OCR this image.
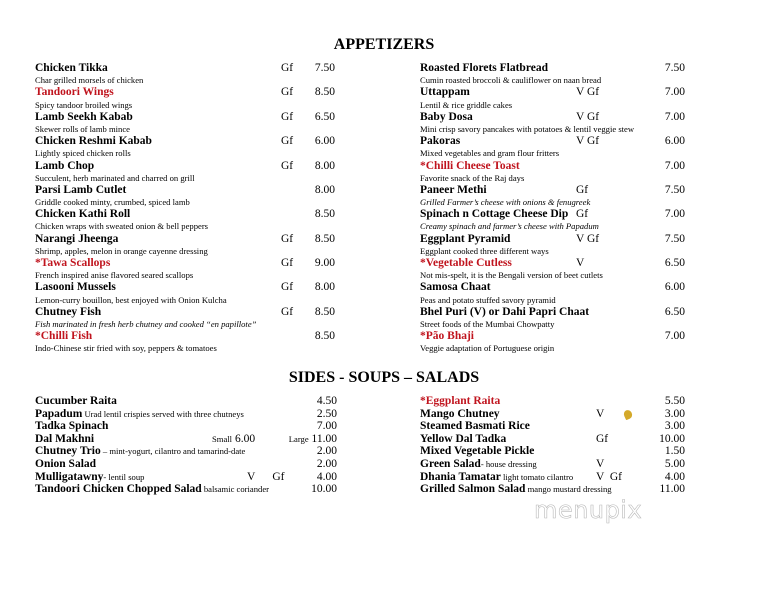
APPETIZERS
Chicken Tikka	Gf 7.50
Char grilled morsels of chicken
Tandoori Wings	Gf 8.50
Spicy tandoor broiled wings
Lamb Seekh Kabab	Gf 6.50
Skewer rolls of lamb mince
Chicken Reshmi Kabab	Gf 6.00
Lightly spiced chicken rolls
Lamb Chop	Gf 8.00
Succulent, herb marinated and charred on grill
Parsi Lamb Cutlet	8.00
Griddle cooked minty, crumbed, spiced lamb
Chicken Kathi Roll	8.50
Chicken wraps with sweated onion & bell peppers
Narangi Jheenga	Gf 8.50
Shrimp, apples, melon in orange cayenne dressing
*Tawa Scallops	Gf 9.00
French inspired anise flavored seared scallops
Lasooni Mussels	Gf 8.00
Lemon-curry bouillon, best enjoyed with Onion Kulcha
Chutney Fish	Gf 8.50
Fish marinated in fresh herb chutney and cooked “en papillote”
*Chilli Fish	8.50
Indo-Chinese stir fried with soy, peppers & tomatoes
Roasted Florets Flatbread	7.50
Cumin roasted broccoli & cauliflower on naan bread
Uttappam	V Gf	7.00
Lentil & rice griddle cakes
Baby Dosa	V Gf	7.00
Mini crisp savory pancakes with potatoes & lentil veggie stew
Pakoras	V Gf	6.00
Mixed vegetables and gram flour fritters
*Chilli Cheese Toast	7.00
Favorite snack of the Raj days
Paneer Methi	Gf	7.50
Grilled Farmer’s cheese with onions & fenugreek
Spinach n Cottage Cheese Dip Gf	7.00
Creamy spinach and farmer’s cheese with Papadum
Eggplant Pyramid	V Gf	7.50
Eggplant cooked three different ways
*Vegetable Cutless	V	6.50
Not mis-spelt, it is the Bengali version of beet cutlets
Samosa Chaat	6.00
Peas and potato stuffed savory pyramid
Bhel Puri (V) or Dahi Papri Chaat	6.50
Street foods of the Mumbai Chowpatty
*Pão Bhaji	7.00
Veggie adaptation of Portuguese origin
SIDES - SOUPS – SALADS
Cucumber Raita	4.50
Papadum Urad lentil crispies served with three chutneys	2.50
Tadka Spinach	7.00
Dal Makhni	Small 6.00	Large 11.00
Chutney Trio – mint-yogurt, cilantro and tamarind-date	2.00
Onion Salad	2.00
Mulligatawny- lentil soup	V      Gf	4.00
Tandoori Chicken Chopped Salad balsamic coriander	10.00
*Eggplant Raita	5.50
Mango Chutney	V	3.00
Steamed Basmati Rice	3.00
Yellow Dal Tadka	Gf	10.00
Mixed Vegetable Pickle	1.50
Green Salad- house dressing	V	5.00
Dhania Tamatar light tomato cilantro V  Gf	4.00
Grilled Salmon Salad mango mustard dressing	11.00
menupix
